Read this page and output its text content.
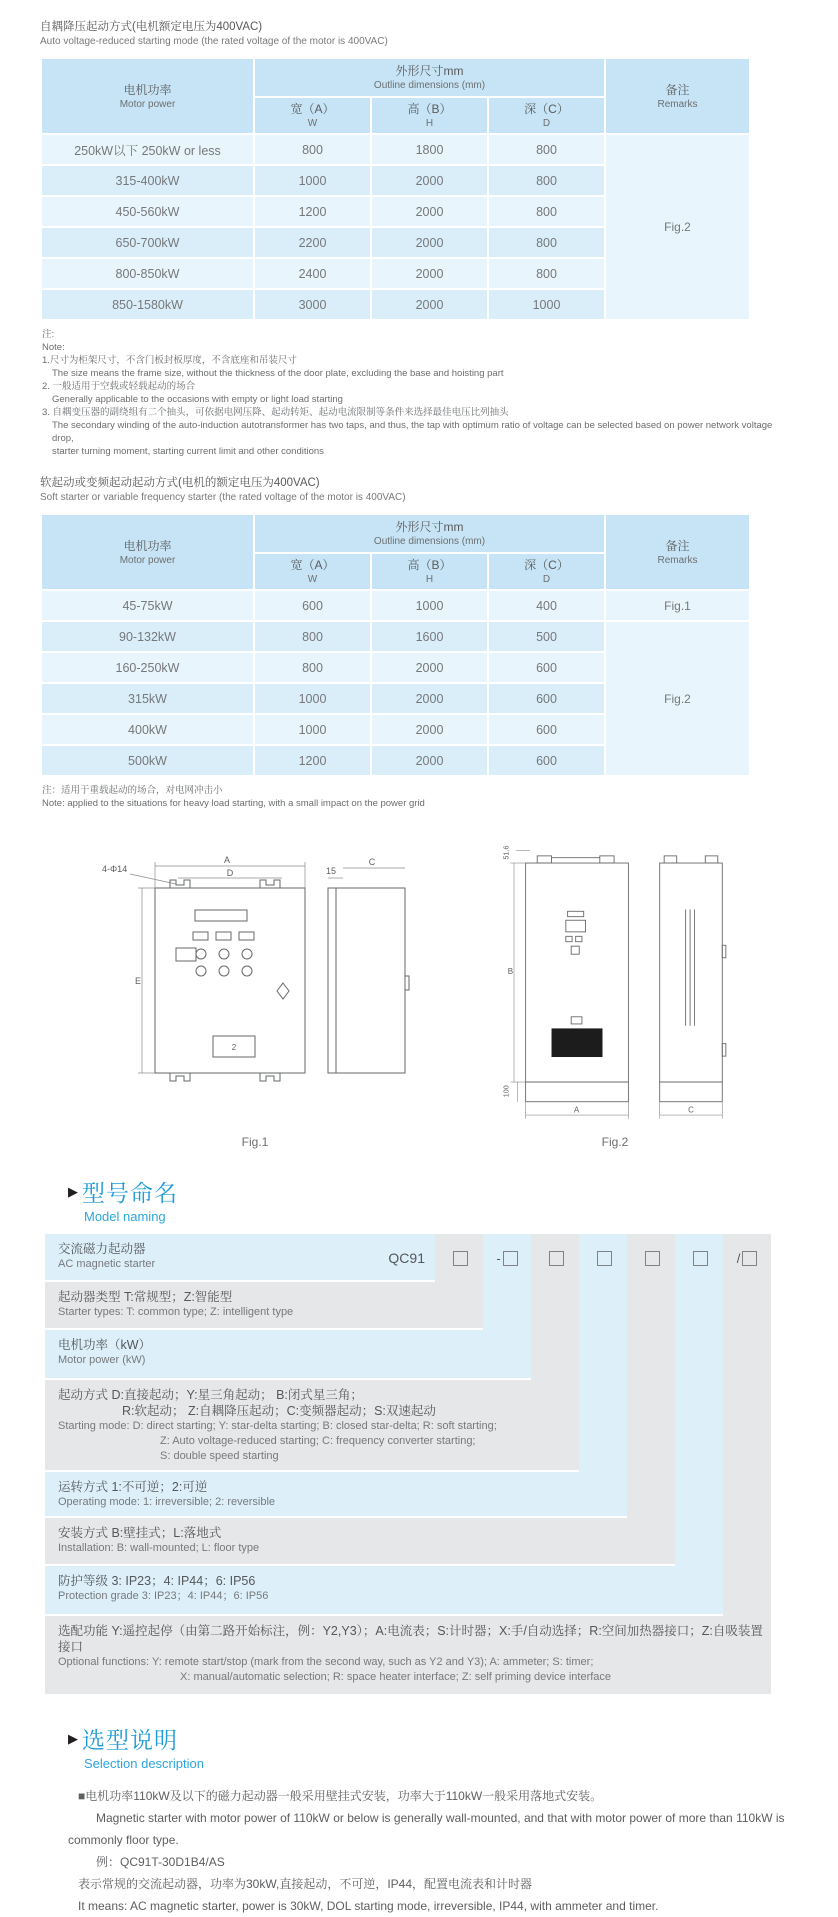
自耦降压起动方式(电机额定电压为400VAC)
Auto voltage-reduced starting mode (the rated voltage of the motor is 400VAC)
电机功率
Motor power

外形尺寸mm
Outline dimensions (mm)	备注
Remarks

宽（A）
W

高（B）
H

深（C）
D

250kW以下 250kW or less	800	1800	800	Fig.2
315-400kW	1000	2000	800	
450-560kW	1200	2000	800	
650-700kW	2200	2000	800	
800-850kW	2400	2000	800	
850-1580kW	3000	2000	1000	
注:
Note:
1.尺寸为柜架尺寸，不含门板封板厚度，不含底座和吊装尺寸
The size means the frame size, without the thickness of the door plate, excluding the base and hoisting part
2. 一般适用于空载或轻载起动的场合
Generally applicable to the occasions with empty or light load starting
3. 自耦变压器的副绕组有二个抽头，可依据电网压降、起动转矩、起动电流限制等条件来选择最佳电压比列抽头
The secondary winding of the auto-induction autotransformer has two taps, and thus, the tap with optimum ratio of voltage can be selected based on power network voltage drop,
starter turning moment, starting current limit and other conditions
软起动或变频起动起动方式(电机的额定电压为400VAC)
Soft starter or variable frequency starter (the rated voltage of the motor is 400VAC)
电机功率
Motor power

外形尺寸mm
Outline dimensions (mm)	备注
Remarks

宽（A）
W

高（B）
H

深（C）
D

45-75kW	600	1000	400	Fig.1
90-132kW	800	1600	500	Fig.2
160-250kW	800	2000	600	
315kW	1000	2000	600	
400kW	1000	2000	600	
500kW	1200	2000	600	
注：适用于重载起动的场合，对电网冲击小
Note: applied to the situations for heavy load starting, with a small impact on the power grid
A
D
4-Φ14
2
E
15
C
Fig.1
51.6
B
100
A	C
Fig.2
▶ 型号命名
Model naming
QC91	-	/
交流磁力起动器
AC magnetic starter
起动器类型 T:常规型；Z:智能型
Starter types: T: common type; Z: intelligent type
电机功率（kW）
Motor power (kW)
起动方式 D:直接起动；Y:星三角起动； B:闭式星三角；
R:软起动； Z:自耦降压起动；C:变频器起动；S:双速起动
Starting mode: D: direct starting; Y: star-delta starting; B: closed star-delta; R: soft starting;
Z: Auto voltage-reduced starting; C: frequency converter starting;
S: double speed starting
运转方式 1:不可逆；2:可逆
Operating mode: 1: irreversible; 2: reversible
安装方式 B:壁挂式；L:落地式
Installation: B: wall-mounted; L: floor type
防护等级 3: IP23；4: IP44；6: IP56
Protection grade 3: IP23；4: IP44；6: IP56
选配功能 Y:遥控起停（由第二路开始标注，例：Y2,Y3）；A:电流表；S:计时器；X:手/自动选择；R:空间加热器接口；Z:自吸装置接口
Optional functions: Y: remote start/stop (mark from the second way, such as Y2 and Y3); A: ammeter; S: timer;
X: manual/automatic selection; R: space heater interface; Z: self priming device interface
▶ 选型说明
Selection description
■电机功率110kW及以下的磁力起动器一般采用壁挂式安装，功率大于110kW一般采用落地式安装。
Magnetic starter with motor power of 110kW or below is generally wall-mounted, and that with motor power of more than 110kW is
commonly floor type.
例：QC91T-30D1B4/AS
表示常规的交流起动器，功率为30kW,直接起动，不可逆，IP44，配置电流表和计时器
It means: AC magnetic starter, power is 30kW, DOL starting mode, irreversible, IP44, with ammeter and timer.
